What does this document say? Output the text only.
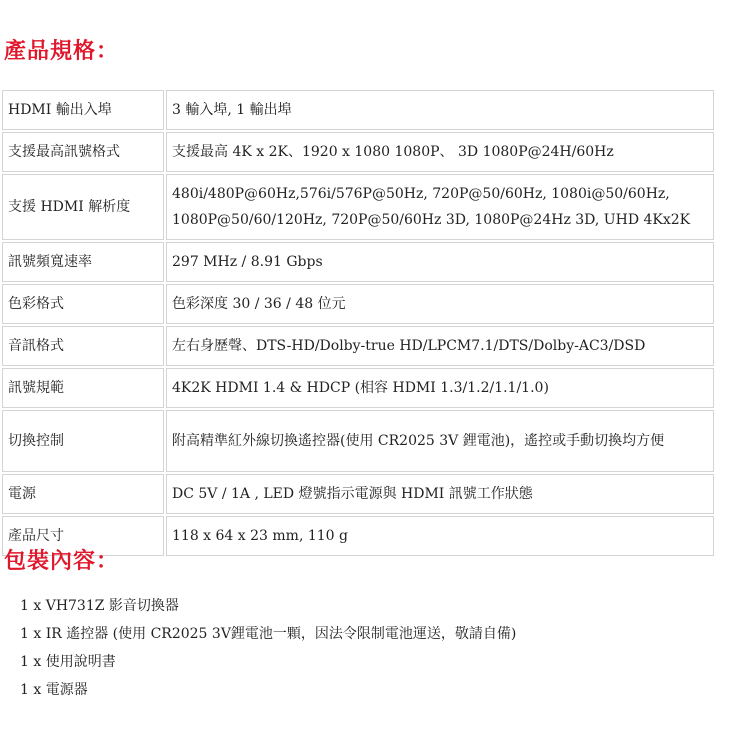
產品規格：
HDMI 輸出入埠	3 輸入埠, 1 輸出埠
支援最高訊號格式	支援最高 4K x 2K、1920 x 1080 1080P、 3D 1080P@24H/60Hz
支援 HDMI 解析度	480i/480P@60Hz,576i/576P@50Hz, 720P@50/60Hz, 1080i@50/60Hz, 1080P@50/60/120Hz, 720P@50/60Hz 3D, 1080P@24Hz 3D, UHD 4Kx2K
訊號頻寬速率	297 MHz / 8.91 Gbps
色彩格式	色彩深度 30 / 36 / 48 位元
音訊格式	左右身歷聲、DTS-HD/Dolby-true HD/LPCM7.1/DTS/Dolby-AC3/DSD
訊號規範	4K2K HDMI 1.4 & HDCP (相容 HDMI 1.3/1.2/1.1/1.0)
切換控制	附高精準紅外線切換遙控器(使用 CR2025 3V 鋰電池)，遙控或手動切換均方便
電源	DC 5V / 1A , LED 燈號指示電源與 HDMI 訊號工作狀態
產品尺寸	118 x 64 x 23 mm, 110 g
包裝內容：
1 x VH731Z 影音切換器
1 x IR 遙控器 (使用 CR2025 3V鋰電池一顆，因法令限制電池運送，敬請自備)
1 x 使用說明書
1 x 電源器
